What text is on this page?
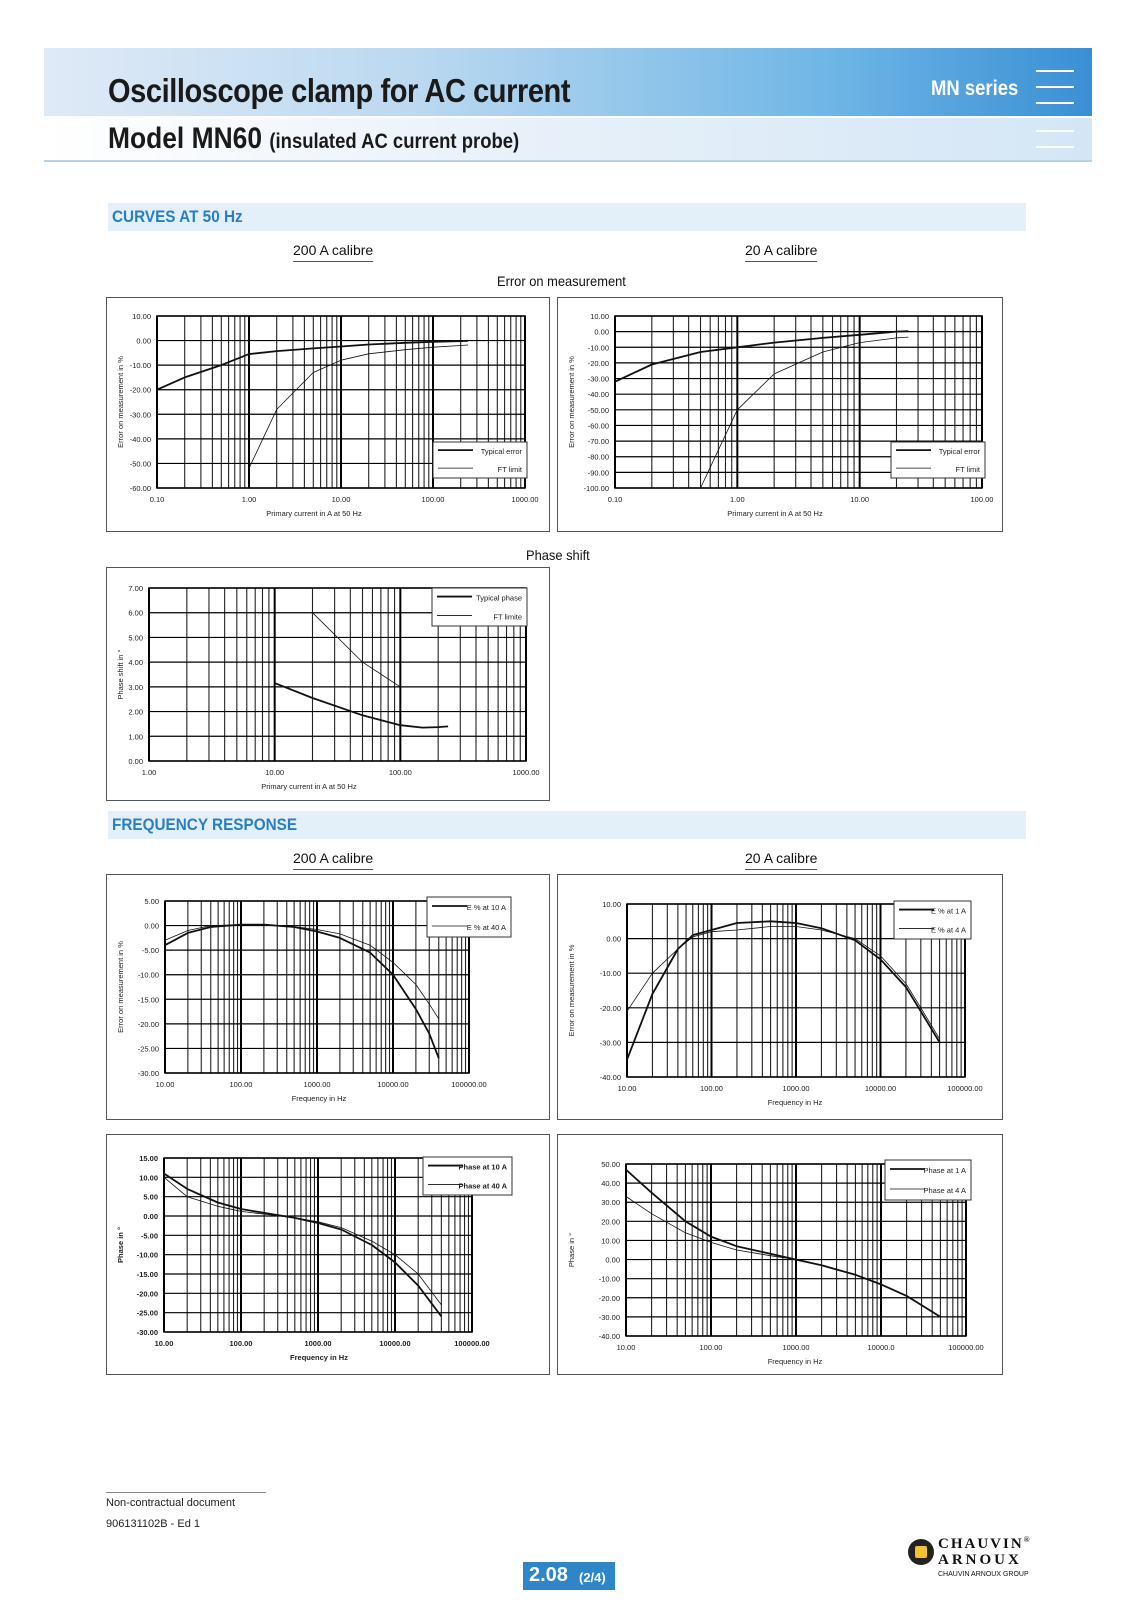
Oscilloscope clamp for AC current
Model MN60 (insulated AC current probe)
MN series
CURVES AT 50 Hz
200 A calibre	20 A calibre
Error on measurement
0.10	1.00	10.00	100.00	1000.00
10.00
0.00
-10.00
-20.00
-30.00
-40.00
-50.00
-60.00
Primary current in A at 50 Hz
Error on measurement in %
Typical error
FT limit
0.10	1.00	10.00	100.00
10.00
0.00
-10.00
-20.00
-30.00
-40.00
-50.00
-60.00
-70.00
-80.00
-90.00
-100.00
Primary current in A at 50 Hz
Error on measurement in %
Typical error
FT limit
Phase shift
1.00	10.00	100.00	1000.00
7.00
6.00
5.00
4.00
3.00
2.00
1.00
0.00
Primary current in A at 50 Hz
Phase shift in °
Typical phase
FT limite
FREQUENCY RESPONSE
200 A calibre	20 A calibre
10.00	100.00	1000.00	10000.00	100000.00
5.00
0.00
-5.00
-10.00
-15.00
-20.00
-25.00
-30.00
Frequency in Hz
Error on measurement in %
E % at 10 A
E % at 40 A
10.00	100.00	1000.00	10000.00	100000.00
10.00
0.00
-10.00
-20.00
-30.00
-40.00
Frequency in Hz
Error on measurement in %
E % at 1 A
E % at 4 A
10.00	100.00	1000.00	10000.00	100000.00
15.00
10.00
5.00
0.00
-5.00
-10.00
-15.00
-20.00
-25.00
-30.00
Frequency in Hz
Phase in °
Phase at 10 A
Phase at 40 A
10.00	100.00	1000.00	10000.0	100000.00
50.00
40.00
30.00
20.00
10.00
0.00
-10.00
-20.00
-30.00
-40.00
Frequency in Hz
Phase in °
Phase at 1 A
Phase at 4 A
Non-contractual document
906131102B - Ed 1
2.08 (2/4)
CHAUVIN®
ARNOUX
CHAUVIN ARNOUX GROUP
